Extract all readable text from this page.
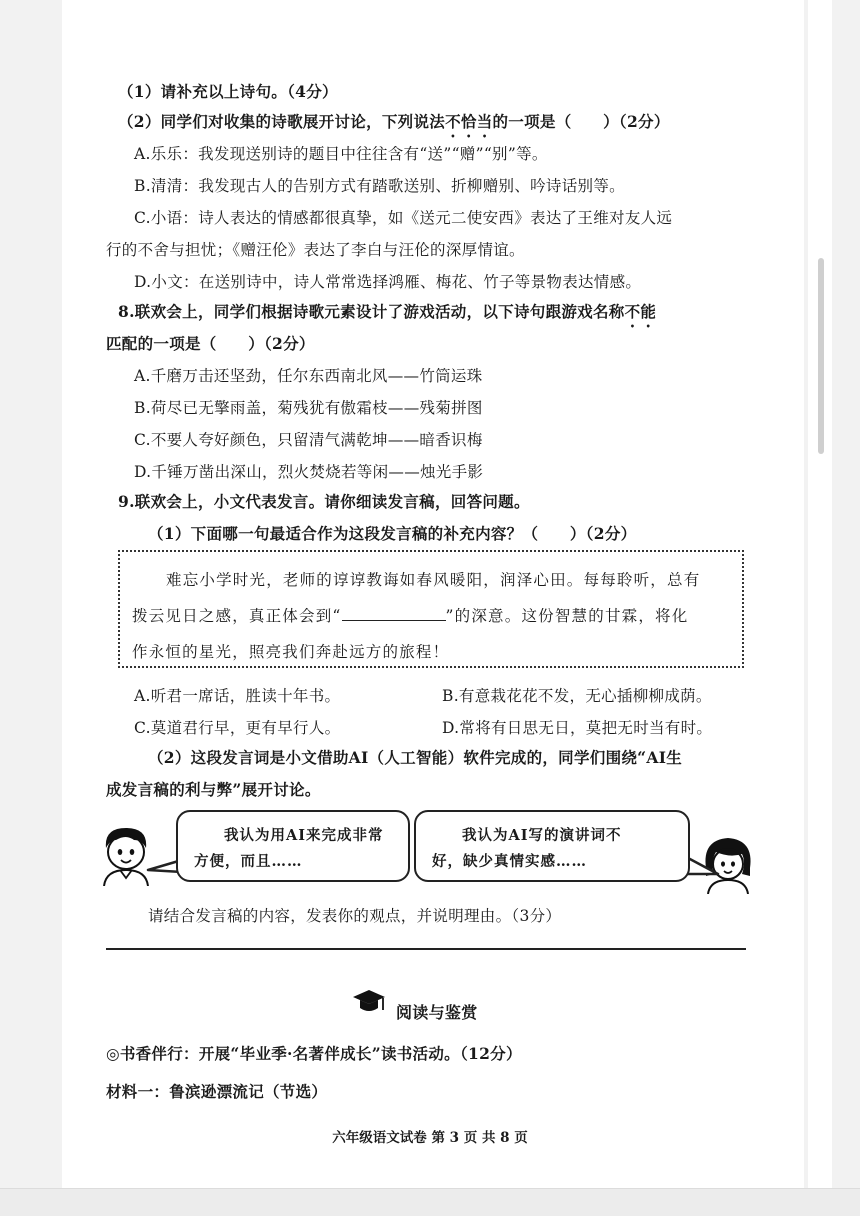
（1）请补充以上诗句。（4分）
（2）同学们对收集的诗歌展开讨论，下列说法不恰当的一项是（　　）（2分）
A.乐乐：我发现送别诗的题目中往往含有“送”“赠”“别”等。
B.清清：我发现古人的告别方式有踏歌送别、折柳赠别、吟诗话别等。
C.小语：诗人表达的情感都很真挚，如《送元二使安西》表达了王维对友人远
行的不舍与担忧；《赠汪伦》表达了李白与汪伦的深厚情谊。
D.小文：在送别诗中，诗人常常选择鸿雁、梅花、竹子等景物表达情感。
8.联欢会上，同学们根据诗歌元素设计了游戏活动，以下诗句跟游戏名称不能
匹配的一项是（　　）（2分）
A.千磨万击还坚劲，任尔东西南北风——竹筒运珠
B.荷尽已无擎雨盖，菊残犹有傲霜枝——残菊拼图
C.不要人夸好颜色，只留清气满乾坤——暗香识梅
D.千锤万凿出深山，烈火焚烧若等闲——烛光手影
9.联欢会上，小文代表发言。请你细读发言稿，回答问题。
（1）下面哪一句最适合作为这段发言稿的补充内容？（　　）（2分）
难忘小学时光，老师的谆谆教诲如春风暖阳，润泽心田。每每聆听，总有
拨云见日之感，真正体会到“	”的深意。这份智慧的甘霖，将化
作永恒的星光，照亮我们奔赴远方的旅程！
A.听君一席话，胜读十年书。	B.有意栽花花不发，无心插柳柳成荫。
C.莫道君行早，更有早行人。	D.常将有日思无日，莫把无时当有时。
（2）这段发言词是小文借助AI（人工智能）软件完成的，同学们围绕“AI生
成发言稿的利与弊”展开讨论。
我认为用AI来完成非常
方便，而且……
我认为AI写的演讲词不
好，缺少真情实感……
请结合发言稿的内容，发表你的观点，并说明理由。（3分）
阅读与鉴赏
◎书香伴行：开展“毕业季·名著伴成长”读书活动。（12分）
材料一：鲁滨逊漂流记（节选）
六年级语文试卷 第 3 页 共 8 页
